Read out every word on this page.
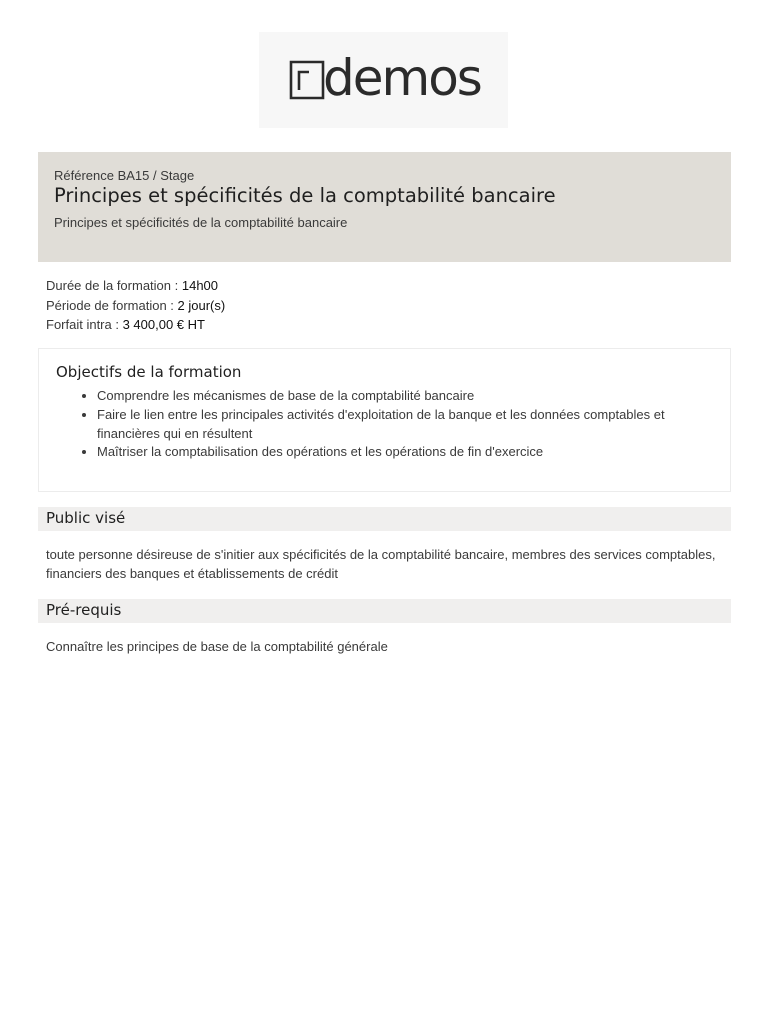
demos
Référence BA15 / Stage
Principes et spécificités de la comptabilité bancaire
Principes et spécificités de la comptabilité bancaire
Durée de la formation : 14h00
Période de formation : 2 jour(s)
Forfait intra : 3 400,00 € HT
Objectifs de la formation
• Comprendre les mécanismes de base de la comptabilité bancaire
• Faire le lien entre les principales activités d'exploitation de la banque et les données comptables et financières qui en résultent
• Maîtriser la comptabilisation des opérations et les opérations de fin d'exercice
Public visé
toute personne désireuse de s'initier aux spécificités de la comptabilité bancaire, membres des services comptables, financiers des banques et établissements de crédit
Pré-requis
Connaître les principes de base de la comptabilité générale
